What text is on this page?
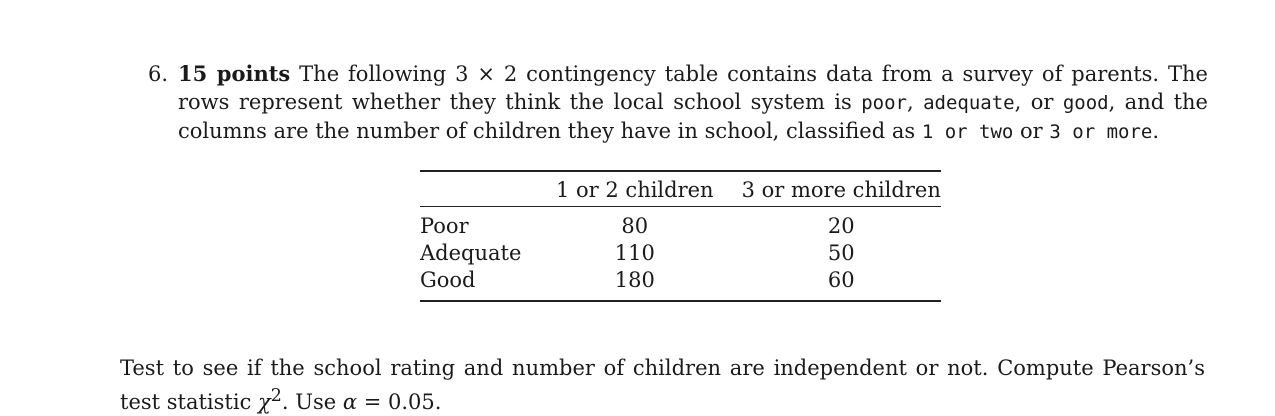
6. 15 points The following 3 × 2 contingency table contains data from a survey of parents. The rows represent whether they think the local school system is poor, adequate, or good, and the columns are the number of children they have in school, classified as 1 or two or 3 or more.
	1 or 2 children	3 or more children
Poor	80	20
Adequate	110	50
Good	180	60
Test to see if the school rating and number of children are independent or not. Compute Pearson’s test statistic $\chi^2$. Use α = 0.05.
